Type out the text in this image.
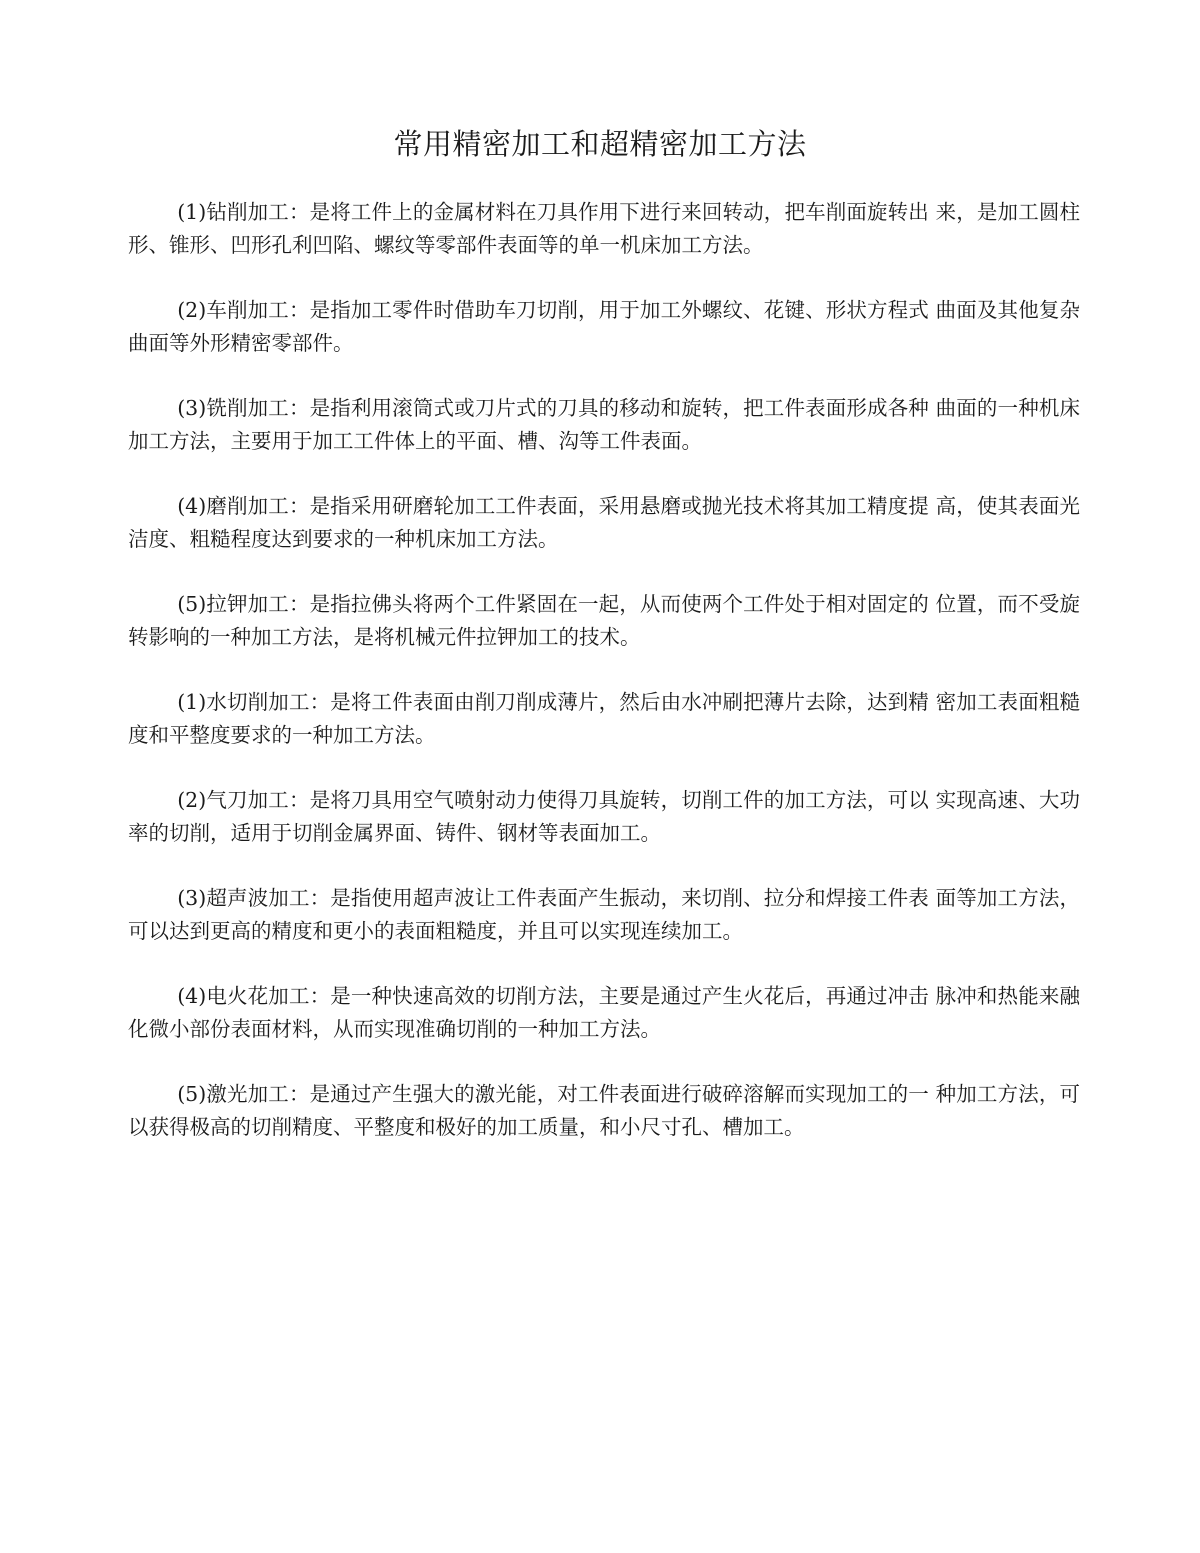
常用精密加工和超精密加工方法

(1)钻削加工：是将工件上的金属材料在刀具作用下进行来回转动，把车削面旋转出 来，是加工圆柱形、锥形、凹形孔利凹陷、螺纹等零部件表面等的单一机床加工方法。

(2)车削加工：是指加工零件时借助车刀切削，用于加工外螺纹、花键、形状方程式 曲面及其他复杂曲面等外形精密零部件。

(3)铣削加工：是指利用滚筒式或刀片式的刀具的移动和旋转，把工件表面形成各种 曲面的一种机床加工方法，主要用于加工工件体上的平面、槽、沟等工件表面。

(4)磨削加工：是指采用研磨轮加工工件表面，采用悬磨或抛光技术将其加工精度提 高，使其表面光洁度、粗糙程度达到要求的一种机床加工方法。

(5)拉钾加工：是指拉佛头将两个工件紧固在一起，从而使两个工件处于相对固定的 位置，而不受旋转影响的一种加工方法，是将机械元件拉钾加工的技术。

(1)水切削加工：是将工件表面由削刀削成薄片，然后由水冲刷把薄片去除，达到精 密加工表面粗糙度和平整度要求的一种加工方法。

(2)气刀加工：是将刀具用空气喷射动力使得刀具旋转，切削工件的加工方法，可以 实现高速、大功率的切削，适用于切削金属界面、铸件、钢材等表面加工。

(3)超声波加工：是指使用超声波让工件表面产生振动，来切削、拉分和焊接工件表 面等加工方法，可以达到更高的精度和更小的表面粗糙度，并且可以实现连续加工。

(4)电火花加工：是一种快速高效的切削方法，主要是通过产生火花后，再通过冲击 脉冲和热能来融化微小部份表面材料，从而实现准确切削的一种加工方法。

(5)激光加工：是通过产生强大的激光能，对工件表面进行破碎溶解而实现加工的一 种加工方法，可以获得极高的切削精度、平整度和极好的加工质量，和小尺寸孔、槽加工。
